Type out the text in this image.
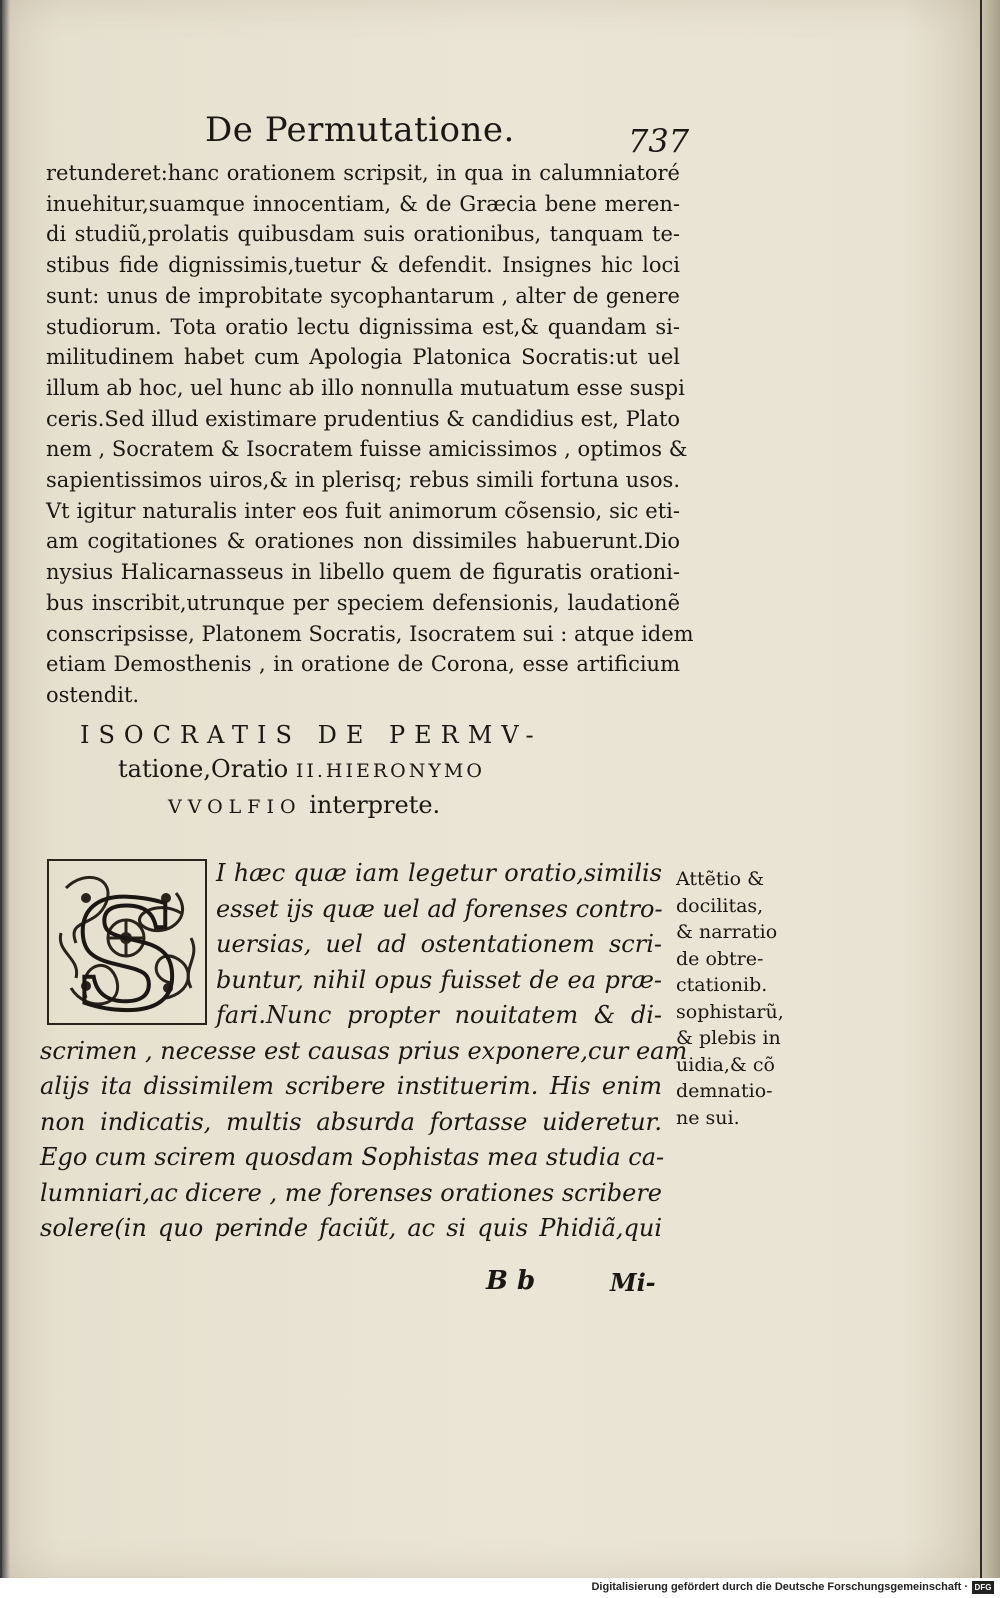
De Permutatione.	737
retunderet:hanc orationem scripsit, in qua in calumniatoré
inuehitur,suamque innocentiam, & de Græcia bene meren-
di studiũ,prolatis quibusdam suis orationibus, tanquam te-
stibus fide dignissimis,tuetur & defendit. Insignes hic loci
sunt: unus de improbitate sycophantarum , alter de genere
studiorum. Tota oratio lectu dignissima est,& quandam si-
militudinem habet cum Apologia Platonica Socratis:ut uel
illum ab hoc, uel hunc ab illo nonnulla mutuatum esse suspi
ceris.Sed illud existimare prudentius & candidius est, Plato
nem , Socratem & Isocratem fuisse amicissimos , optimos &
sapientissimos uiros,& in plerisq; rebus simili fortuna usos.
Vt igitur naturalis inter eos fuit animorum cõsensio, sic eti-
am cogitationes & orationes non dissimiles habuerunt.Dio
nysius Halicarnasseus in libello quem de figuratis orationi-
bus inscribit,utrunque per speciem defensionis, laudationẽ
conscripsisse, Platonem Socratis, Isocratem sui : atque idem
etiam Demosthenis , in oratione de Corona, esse artificium
ostendit.
ISOCRATIS DE PERMV-
tatione,Oratio II.HIERONYMO
VVOLFIO interprete.
S I hæc quæ iam legetur oratio,similis
esset ijs quæ uel ad forenses contro-
uersias, uel ad ostentationem scri-
buntur, nihil opus fuisset de ea præ-
fari.Nunc propter nouitatem & di-
scrimen , necesse est causas prius exponere,cur eam
alijs ita dissimilem scribere instituerim. His enim
non indicatis, multis absurda fortasse uideretur.
Ego cum scirem quosdam Sophistas mea studia ca-
lumniari,ac dicere , me forenses orationes scribere
solere(in quo perinde faciũt, ac si quis Phidiã,qui
Attẽtio &
docilitas,
& narratio
de obtre-
ctationib.
sophistarũ,
& plebis in
uidia,& cõ
demnatio-
ne sui.
B b	Mi-
Digitalisierung gefördert durch die Deutsche Forschungsgemeinschaft · DFG
